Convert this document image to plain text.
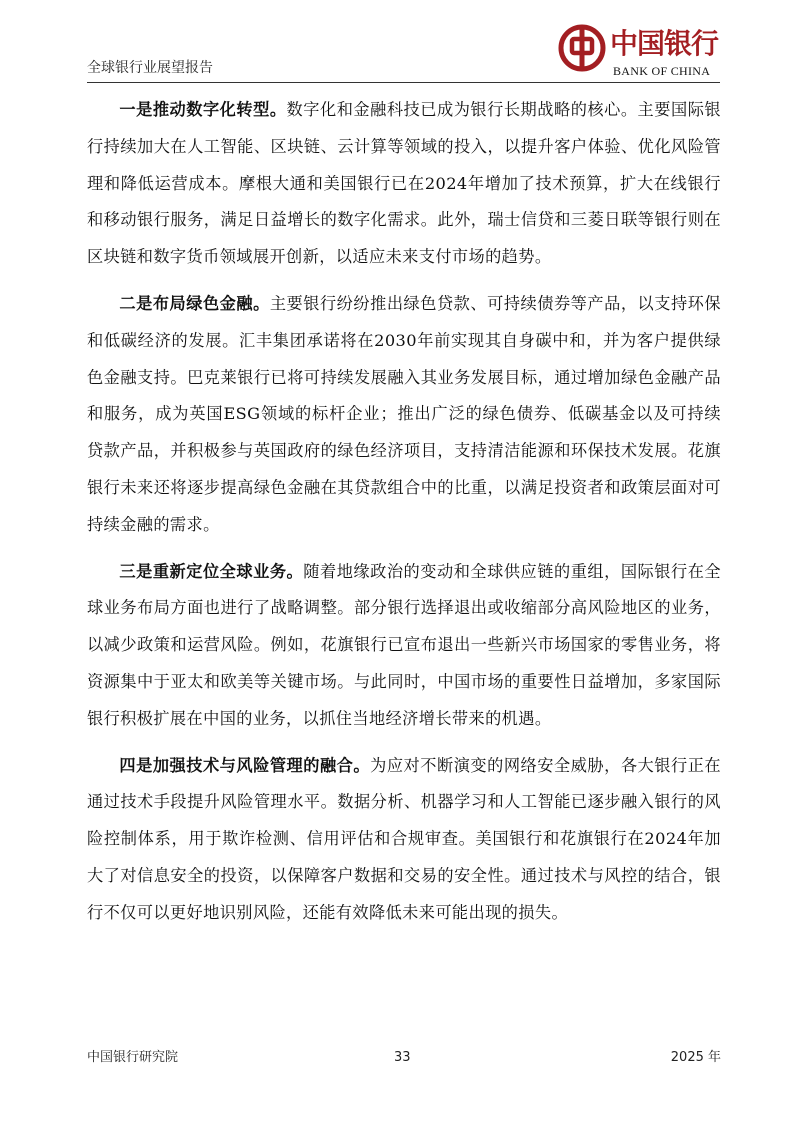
全球银行业展望报告
中国银行
BANK OF CHINA

一是推动数字化转型。数字化和金融科技已成为银行长期战略的核心。主要国际银行持续加大在人工智能、区块链、云计算等领域的投入，以提升客户体验、优化风险管理和降低运营成本。摩根大通和美国银行已在2024年增加了技术预算，扩大在线银行和移动银行服务，满足日益增长的数字化需求。此外，瑞士信贷和三菱日联等银行则在区块链和数字货币领域展开创新，以适应未来支付市场的趋势。

二是布局绿色金融。主要银行纷纷推出绿色贷款、可持续债券等产品，以支持环保和低碳经济的发展。汇丰集团承诺将在2030年前实现其自身碳中和，并为客户提供绿色金融支持。巴克莱银行已将可持续发展融入其业务发展目标，通过增加绿色金融产品和服务，成为英国ESG领域的标杆企业；推出广泛的绿色债券、低碳基金以及可持续贷款产品，并积极参与英国政府的绿色经济项目，支持清洁能源和环保技术发展。花旗银行未来还将逐步提高绿色金融在其贷款组合中的比重，以满足投资者和政策层面对可持续金融的需求。

三是重新定位全球业务。随着地缘政治的变动和全球供应链的重组，国际银行在全球业务布局方面也进行了战略调整。部分银行选择退出或收缩部分高风险地区的业务，以减少政策和运营风险。例如，花旗银行已宣布退出一些新兴市场国家的零售业务，将资源集中于亚太和欧美等关键市场。与此同时，中国市场的重要性日益增加，多家国际银行积极扩展在中国的业务，以抓住当地经济增长带来的机遇。

四是加强技术与风险管理的融合。为应对不断演变的网络安全威胁，各大银行正在通过技术手段提升风险管理水平。数据分析、机器学习和人工智能已逐步融入银行的风险控制体系，用于欺诈检测、信用评估和合规审查。美国银行和花旗银行在2024年加大了对信息安全的投资，以保障客户数据和交易的安全性。通过技术与风控的结合，银行不仅可以更好地识别风险，还能有效降低未来可能出现的损失。

中国银行研究院	33	2025 年
